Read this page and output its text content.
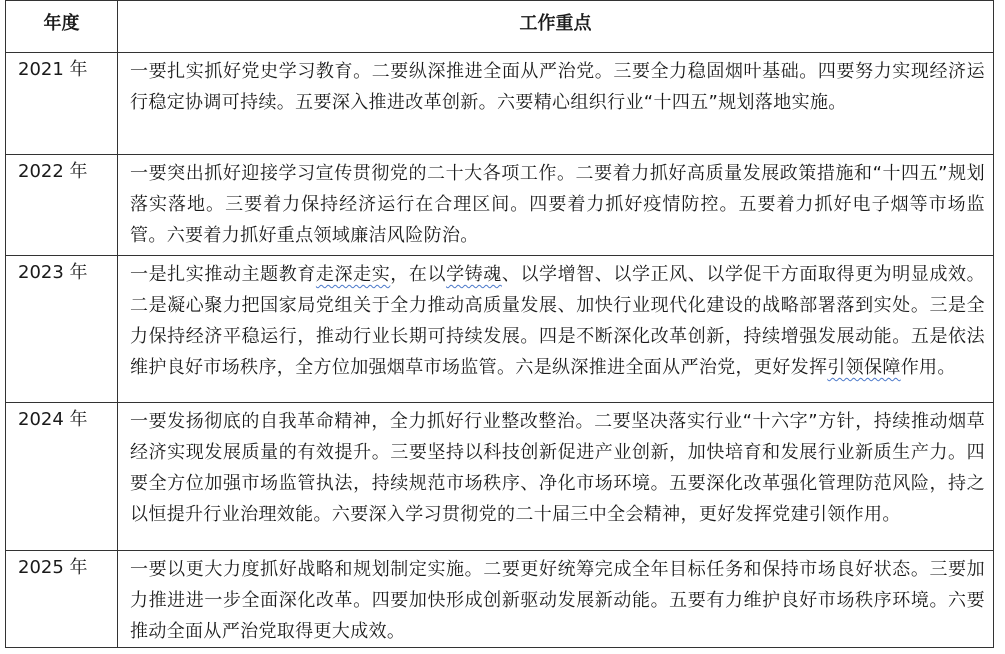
年度	工作重点
2021 年	一要扎实抓好党史学习教育。二要纵深推进全面从严治党。三要全力稳固烟叶基础。四要努力实现经济运行稳定协调可持续。五要深入推进改革创新。六要精心组织行业“十四五”规划落地实施。
2022 年	一要突出抓好迎接学习宣传贯彻党的二十大各项工作。二要着力抓好高质量发展政策措施和“十四五”规划落实落地。三要着力保持经济运行在合理区间。四要着力抓好疫情防控。五要着力抓好电子烟等市场监管。六要着力抓好重点领域廉洁风险防治。
2023 年	一是扎实推动主题教育走深走实，在以学铸魂、以学增智、以学正风、以学促干方面取得更为明显成效。二是凝心聚力把国家局党组关于全力推动高质量发展、加快行业现代化建设的战略部署落到实处。三是全力保持经济平稳运行，推动行业长期可持续发展。四是不断深化改革创新，持续增强发展动能。五是依法维护良好市场秩序，全方位加强烟草市场监管。六是纵深推进全面从严治党，更好发挥引领保障作用。
2024 年	一要发扬彻底的自我革命精神，全力抓好行业整改整治。二要坚决落实行业“十六字”方针，持续推动烟草经济实现发展质量的有效提升。三要坚持以科技创新促进产业创新，加快培育和发展行业新质生产力。四要全方位加强市场监管执法，持续规范市场秩序、净化市场环境。五要深化改革强化管理防范风险，持之以恒提升行业治理效能。六要深入学习贯彻党的二十届三中全会精神，更好发挥党建引领作用。
2025 年	一要以更大力度抓好战略和规划制定实施。二要更好统筹完成全年目标任务和保持市场良好状态。三要加力推进进一步全面深化改革。四要加快形成创新驱动发展新动能。五要有力维护良好市场秩序环境。六要推动全面从严治党取得更大成效。
